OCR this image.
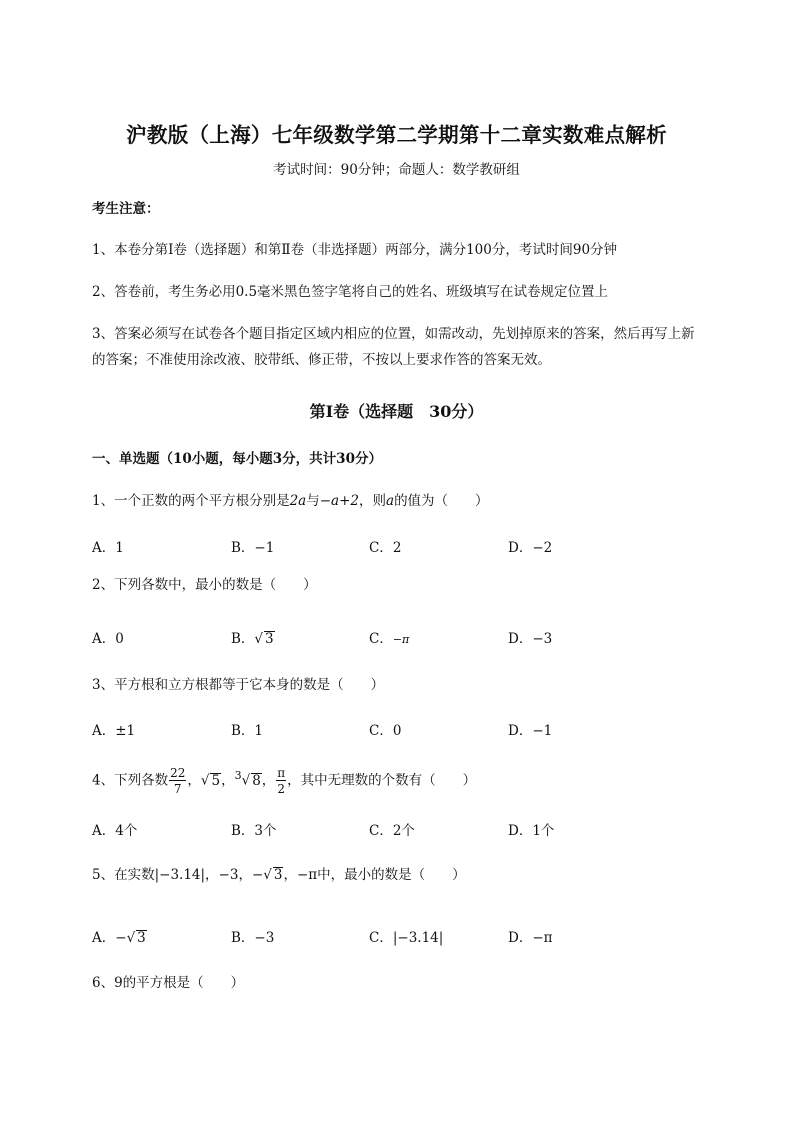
沪教版（上海）七年级数学第二学期第十二章实数难点解析
考试时间：90分钟；命题人：数学教研组
考生注意：
1、本卷分第Ⅰ卷（选择题）和第Ⅱ卷（非选择题）两部分，满分100分，考试时间90分钟
2、答卷前，考生务必用0.5毫米黑色签字笔将自己的姓名、班级填写在试卷规定位置上
3、答案必须写在试卷各个题目指定区域内相应的位置，如需改动，先划掉原来的答案，然后再写上新
的答案；不准使用涂改液、胶带纸、修正带，不按以上要求作答的答案无效。
第Ⅰ卷（选择题　30分）
一、单选题（10小题，每小题3分，共计30分）
1、一个正数的两个平方根分别是2a与−a+2，则a的值为（　　）
A．1	B．−1	C．2	D．−2
2、下列各数中，最小的数是（　　）
A．0	B．√ 3	C．−π	D．−3
3、平方根和立方根都等于它本身的数是（　　）
A．±1	B．1	C．0	D．−1
4、下列各数 $\frac{22}{7}$ ，√ 5，$^3$√ 8， $\frac{\pi}{2}$ ，其中无理数的个数有（　　）
A．4个	B．3个	C．2个	D．1个
5、在实数|−3.14|，−3，−√ 3，−π中，最小的数是（　　）
A．−√ 3	B．−3	C．|−3.14|	D．−π
6、9的平方根是（　　）
